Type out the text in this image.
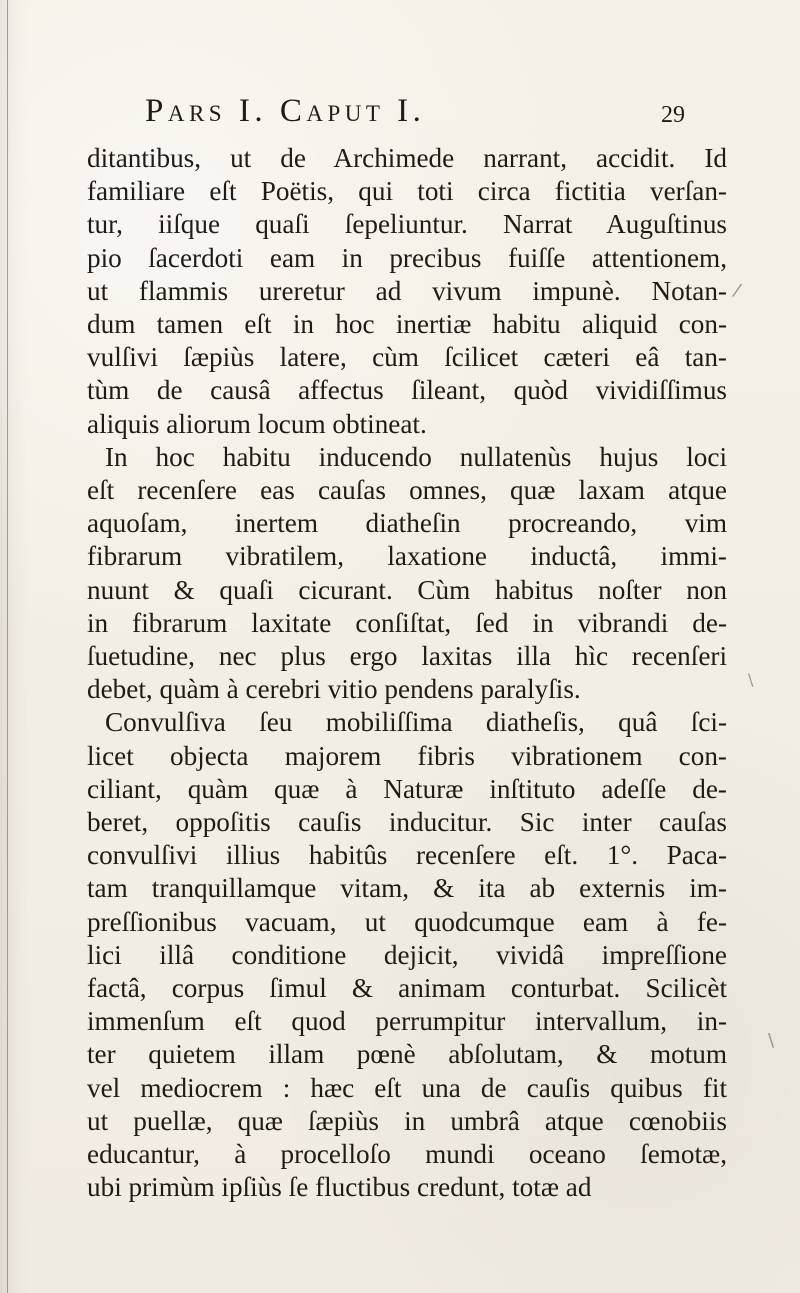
Pars I. Caput I.	29
ditantibus, ut de Archimede narrant, accidit. Id
familiare eſt Poëtis, qui toti circa fictitia verſan-
tur, iiſque quaſi ſepeliuntur. Narrat Auguſtinus
pio ſacerdoti eam in precibus fuiſſe attentionem,
ut flammis ureretur ad vivum impunè. Notan-
dum tamen eſt in hoc inertiæ habitu aliquid con-
vulſivi ſæpiùs latere, cùm ſcilicet cæteri eâ tan-
tùm de causâ affectus ſileant, quòd vividiſſimus
aliquis aliorum locum obtineat.
In hoc habitu inducendo nullatenùs hujus loci
eſt recenſere eas cauſas omnes, quæ laxam atque
aquoſam, inertem diatheſin procreando, vim
fibrarum vibratilem, laxatione inductâ, immi-
nuunt & quaſi cicurant. Cùm habitus noſter non
in fibrarum laxitate conſiſtat, ſed in vibrandi de-
ſuetudine, nec plus ergo laxitas illa hìc recenſeri
debet, quàm à cerebri vitio pendens paralyſis.
Convulſiva ſeu mobiliſſima diatheſis, quâ ſci-
licet objecta majorem fibris vibrationem con-
ciliant, quàm quæ à Naturæ inſtituto adeſſe de-
beret, oppoſitis cauſis inducitur. Sic inter cauſas
convulſivi illius habitûs recenſere eſt. 1°. Paca-
tam tranquillamque vitam, & ita ab externis im-
preſſionibus vacuam, ut quodcumque eam à fe-
lici illâ conditione dejicit, vividâ impreſſione
factâ, corpus ſimul & animam conturbat. Scilicèt
immenſum eſt quod perrumpitur intervallum, in-
ter quietem illam pœnè abſolutam, & motum
vel mediocrem : hæc eſt una de cauſis quibus fit
ut puellæ, quæ ſæpiùs in umbrâ atque cœnobiis
educantur, à procelloſo mundi oceano ſemotæ,
ubi primùm ipſiùs ſe fluctibus credunt, totæ ad
/
\
\
